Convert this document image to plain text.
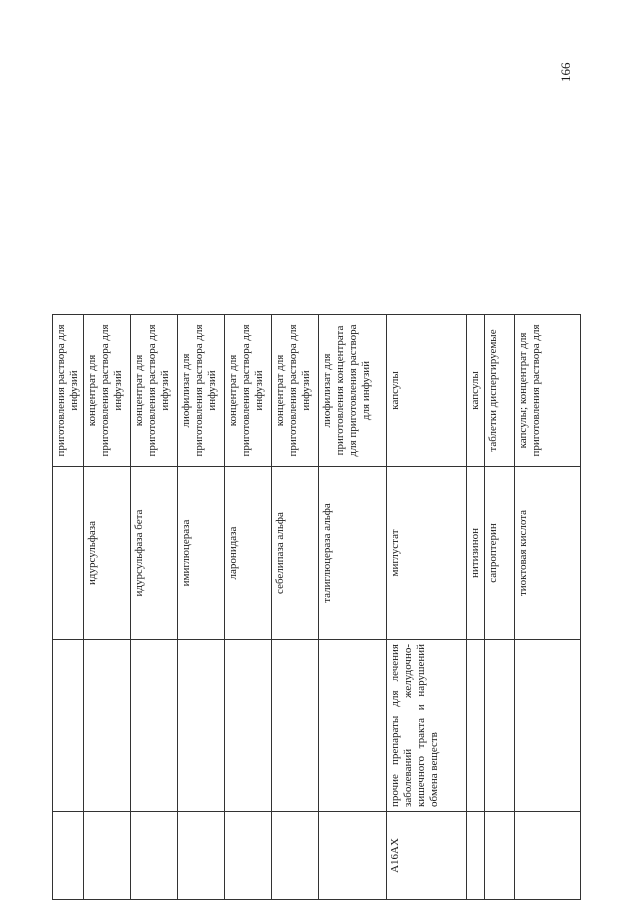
166
			приготовления раствора для инфузий
		идурсульфаза	концентрат для приготовления раствора для инфузий
		идурсульфаза бета	концентрат для приготовления раствора для инфузий
		имиглюцераза	лиофилизат для приготовления раствора для инфузий
		ларонидаза	концентрат для приготовления раствора для инфузий
		себелипаза альфа	концентрат для приготовления раствора для инфузий
		талиглюцераза альфа	лиофилизат для приготовления концентрата для приготовления раствора для инфузий
A16AX	прочие препараты для лечения заболеваний желудочно-кишечного тракта и нарушений обмена веществ	миглустат	капсулы
		нитизинон	капсулы
		сапроптерин	таблетки диспергируемые
		тиоктовая кислота	капсулы; концентрат для приготовления раствора для
